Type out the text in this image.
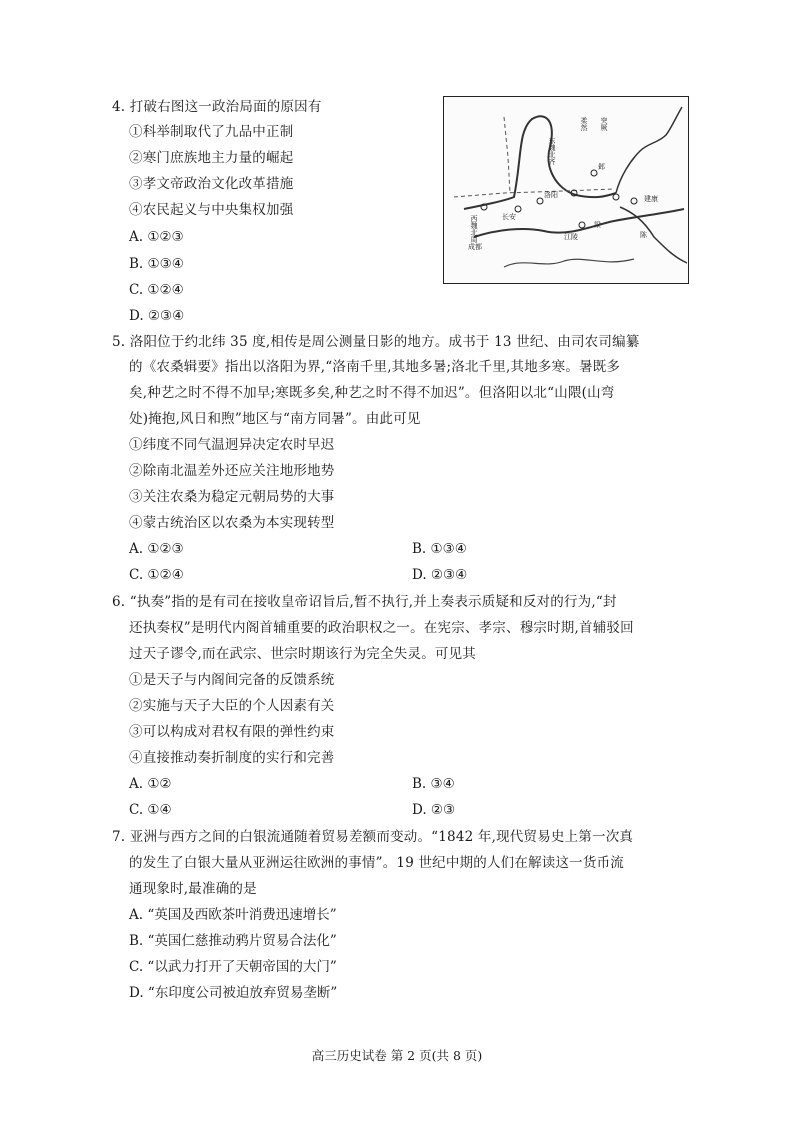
4. 打破右图这一政治局面的原因有
①科举制取代了九品中正制
②寒门庶族地主力量的崛起
③孝文帝政治文化改革措施
④农民起义与中央集权加强
A. ①②③
B. ①③④
C. ①②④
D. ②③④
东魏北齐
西魏北周	梁
陈
柔然 突厥
邺
长安
建康
洛阳
江陵
成都
5. 洛阳位于约北纬 35 度,相传是周公测量日影的地方。成书于 13 世纪、由司农司编纂
的《农桑辑要》指出以洛阳为界,“洛南千里,其地多暑;洛北千里,其地多寒。暑既多
矣,种艺之时不得不加早;寒既多矣,种艺之时不得不加迟”。但洛阳以北“山隈(山弯
处)掩抱,风日和煦”地区与“南方同暑”。由此可见
①纬度不同气温迥异决定农时早迟
②除南北温差外还应关注地形地势
③关注农桑为稳定元朝局势的大事
④蒙古统治区以农桑为本实现转型
A. ①②③	B. ①③④
C. ①②④	D. ②③④
6. “执奏”指的是有司在接收皇帝诏旨后,暂不执行,并上奏表示质疑和反对的行为,“封
还执奏权”是明代内阁首辅重要的政治职权之一。在宪宗、孝宗、穆宗时期,首辅驳回
过天子谬令,而在武宗、世宗时期该行为完全失灵。可见其
①是天子与内阁间完备的反馈系统
②实施与天子大臣的个人因素有关
③可以构成对君权有限的弹性约束
④直接推动奏折制度的实行和完善
A. ①②	B. ③④
C. ①④	D. ②③
7. 亚洲与西方之间的白银流通随着贸易差额而变动。“1842 年,现代贸易史上第一次真
的发生了白银大量从亚洲运往欧洲的事情”。19 世纪中期的人们在解读这一货币流
通现象时,最准确的是
A. “英国及西欧茶叶消费迅速增长”
B. “英国仁慈推动鸦片贸易合法化”
C. “以武力打开了天朝帝国的大门”
D. “东印度公司被迫放弃贸易垄断”
高三历史试卷 第 2 页(共 8 页)
